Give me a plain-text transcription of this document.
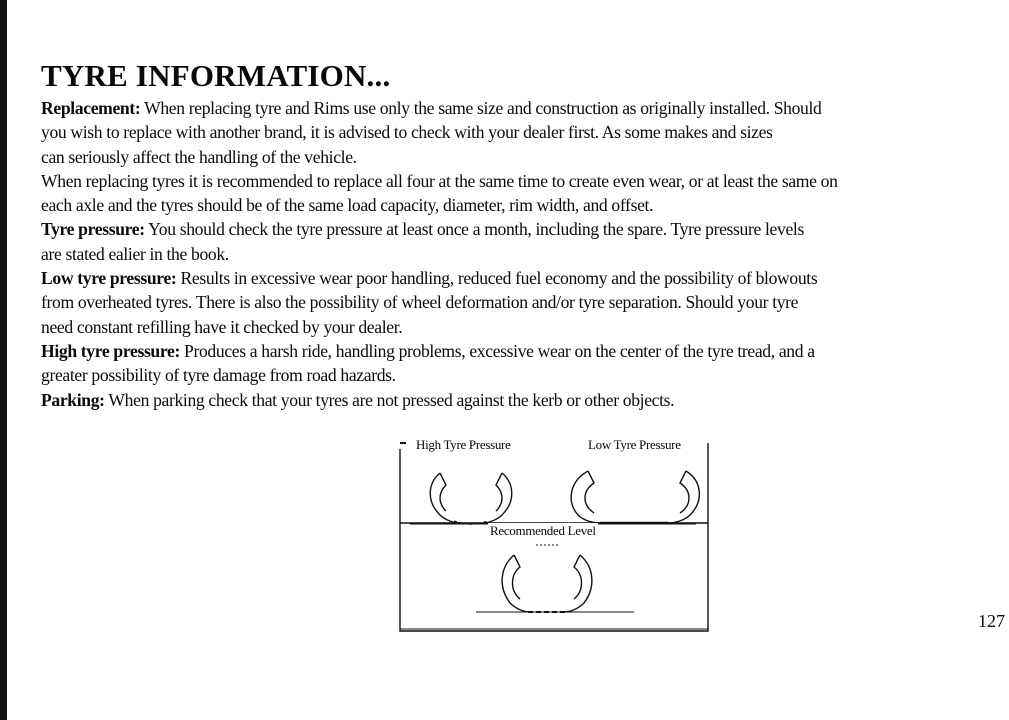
TYRE INFORMATION...

Replacement: When replacing tyre and Rims use only the same size and construction as originally installed. Should
you wish to replace with another brand, it is advised to check with your dealer first. As some makes and sizes
can seriously affect the handling of the vehicle.

When replacing tyres it is recommended to replace all four at the same time to create even wear, or at least the same on
each axle and the tyres should be of the same load capacity, diameter, rim width, and offset.

Tyre pressure: You should check the tyre pressure at least once a month, including the spare. Tyre pressure levels
are stated ealier in the book.

Low tyre pressure: Results in excessive wear poor handling, reduced fuel economy and the possibility of blowouts
from overheated tyres. There is also the possibility of wheel deformation and/or tyre separation. Should your tyre
need constant refilling have it checked by your dealer.

High tyre pressure: Produces a harsh ride, handling problems, excessive wear on the center of the tyre tread, and a
greater possibility of tyre damage from road hazards.

Parking: When parking check that your tyres are not pressed against the kerb or other objects.

High Tyre Pressure	Low Tyre Pressure
Recommended Level
127
